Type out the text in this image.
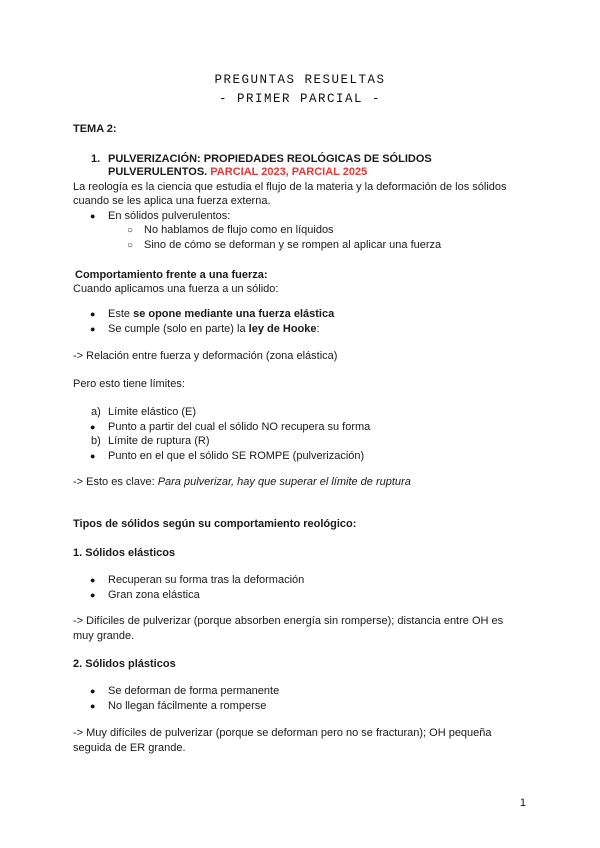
PREGUNTAS RESUELTAS
- PRIMER PARCIAL -
TEMA 2:
1. PULVERIZACIÓN: PROPIEDADES REOLÓGICAS DE SÓLIDOS
PULVERULENTOS. PARCIAL 2023, PARCIAL 2025
La reología es la ciencia que estudia el flujo de la materia y la deformación de los sólidos
cuando se les aplica una fuerza externa.
● En sólidos pulverulentos:
○ No hablamos de flujo como en líquidos
○ Sino de cómo se deforman y se rompen al aplicar una fuerza
Comportamiento frente a una fuerza:
Cuando aplicamos una fuerza a un sólido:
● Este se opone mediante una fuerza elástica
● Se cumple (solo en parte) la ley de Hooke:
-> Relación entre fuerza y deformación (zona elástica)
Pero esto tiene límites:
a) Límite elástico (E)
● Punto a partir del cual el sólido NO recupera su forma
b) Límite de ruptura (R)
● Punto en el que el sólido SE ROMPE (pulverización)
-> Esto es clave: Para pulverizar, hay que superar el límite de ruptura
Tipos de sólidos según su comportamiento reológico:
1. Sólidos elásticos
● Recuperan su forma tras la deformación
● Gran zona elástica
-> Difíciles de pulverizar (porque absorben energía sin romperse); distancia entre OH es
muy grande.
2. Sólidos plásticos
● Se deforman de forma permanente
● No llegan fácilmente a romperse
-> Muy difíciles de pulverizar (porque se deforman pero no se fracturan); OH pequeña
seguida de ER grande.
1
